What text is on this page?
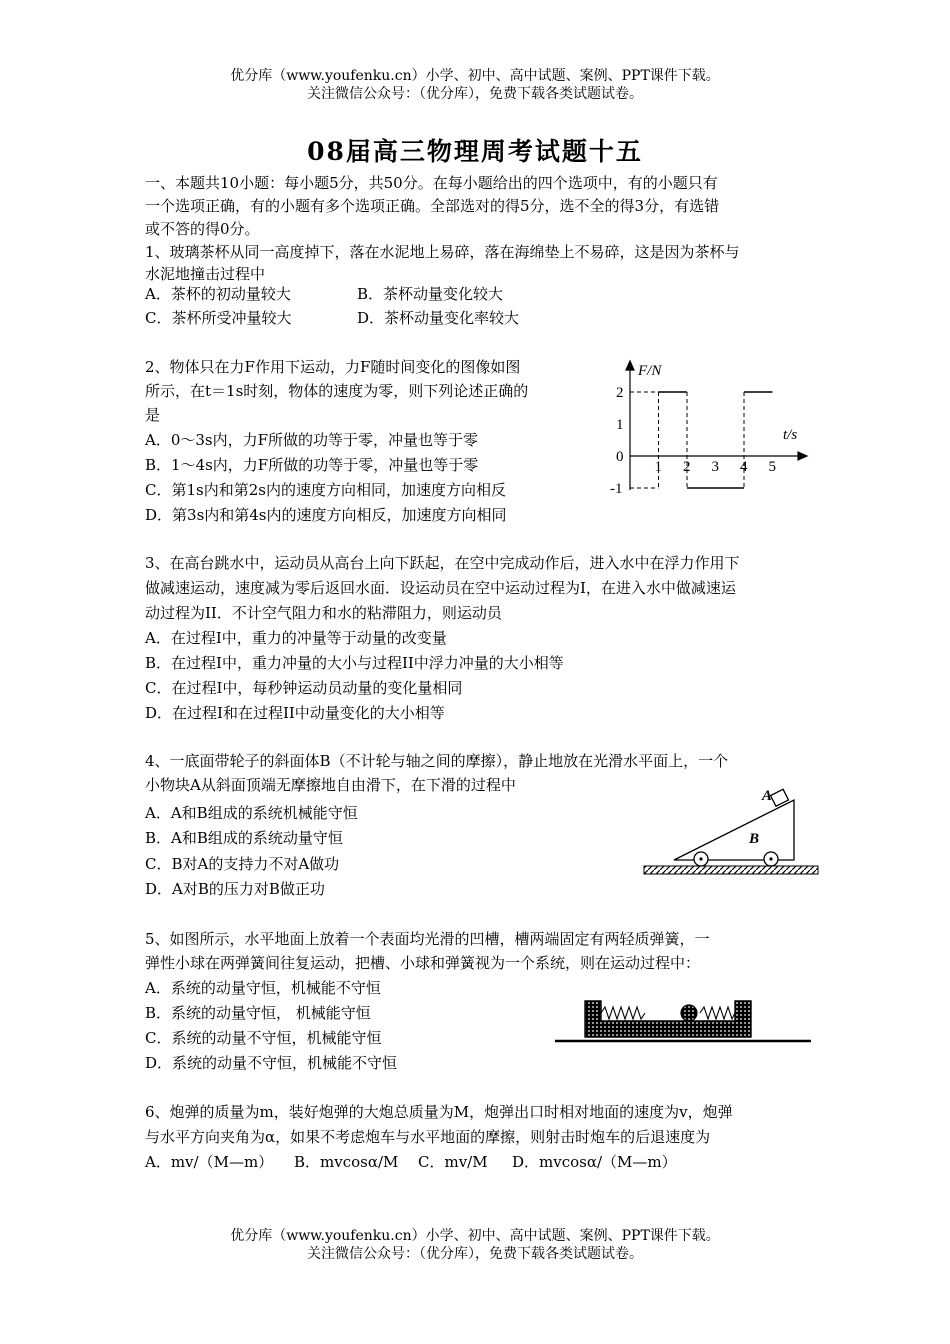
优分库（www.youfenku.cn）小学、初中、高中试题、案例、PPT课件下载。
关注微信公众号：（优分库），免费下载各类试题试卷。
08届高三物理周考试题十五
一、本题共10小题：每小题5分，共50分。在每小题给出的四个选项中，有的小题只有
一个选项正确，有的小题有多个选项正确。全部选对的得5分，选不全的得3分，有选错
或不答的得0分。
1、玻璃茶杯从同一高度掉下，落在水泥地上易碎，落在海绵垫上不易碎，这是因为茶杯与
水泥地撞击过程中
A．茶杯的初动量较大	B．茶杯动量变化较大
C．茶杯所受冲量较大	D．茶杯动量变化率较大
2、物体只在力F作用下运动，力F随时间变化的图像如图
所示，在t＝1s时刻，物体的速度为零，则下列论述正确的
是
A．0～3s内，力F所做的功等于零，冲量也等于零
B．1～4s内，力F所做的功等于零，冲量也等于零
C．第1s内和第2s内的速度方向相同，加速度方向相反
D．第3s内和第4s内的速度方向相反，加速度方向相同
F/N
t/s
1 2 3 4 5
2
1
0
-1
3、在高台跳水中，运动员从高台上向下跃起，在空中完成动作后，进入水中在浮力作用下
做减速运动，速度减为零后返回水面．设运动员在空中运动过程为I，在进入水中做减速运
动过程为II．不计空气阻力和水的粘滞阻力，则运动员
A．在过程I中，重力的冲量等于动量的改变量
B．在过程I中，重力冲量的大小与过程II中浮力冲量的大小相等
C．在过程I中，每秒钟运动员动量的变化量相同
D．在过程I和在过程II中动量变化的大小相等
4、一底面带轮子的斜面体B（不计轮与轴之间的摩擦），静止地放在光滑水平面上，一个
小物块A从斜面顶端无摩擦地自由滑下，在下滑的过程中
A．A和B组成的系统机械能守恒
B．A和B组成的系统动量守恒
C．B对A的支持力不对A做功
D．A对B的压力对B做正功
A
B
5、如图所示，水平地面上放着一个表面均光滑的凹槽，槽两端固定有两轻质弹簧，一
弹性小球在两弹簧间往复运动，把槽、小球和弹簧视为一个系统，则在运动过程中：
A．系统的动量守恒，机械能不守恒
B．系统的动量守恒， 机械能守恒
C．系统的动量不守恒，机械能守恒
D．系统的动量不守恒，机械能不守恒
6、炮弹的质量为m，装好炮弹的大炮总质量为M，炮弹出口时相对地面的速度为v，炮弹
与水平方向夹角为α，如果不考虑炮车与水平地面的摩擦，则射击时炮车的后退速度为
A．mv/（M—m） B．mvcosα/M C．mv/M D．mvcosα/（M—m）
优分库（www.youfenku.cn）小学、初中、高中试题、案例、PPT课件下载。
关注微信公众号：（优分库），免费下载各类试题试卷。
